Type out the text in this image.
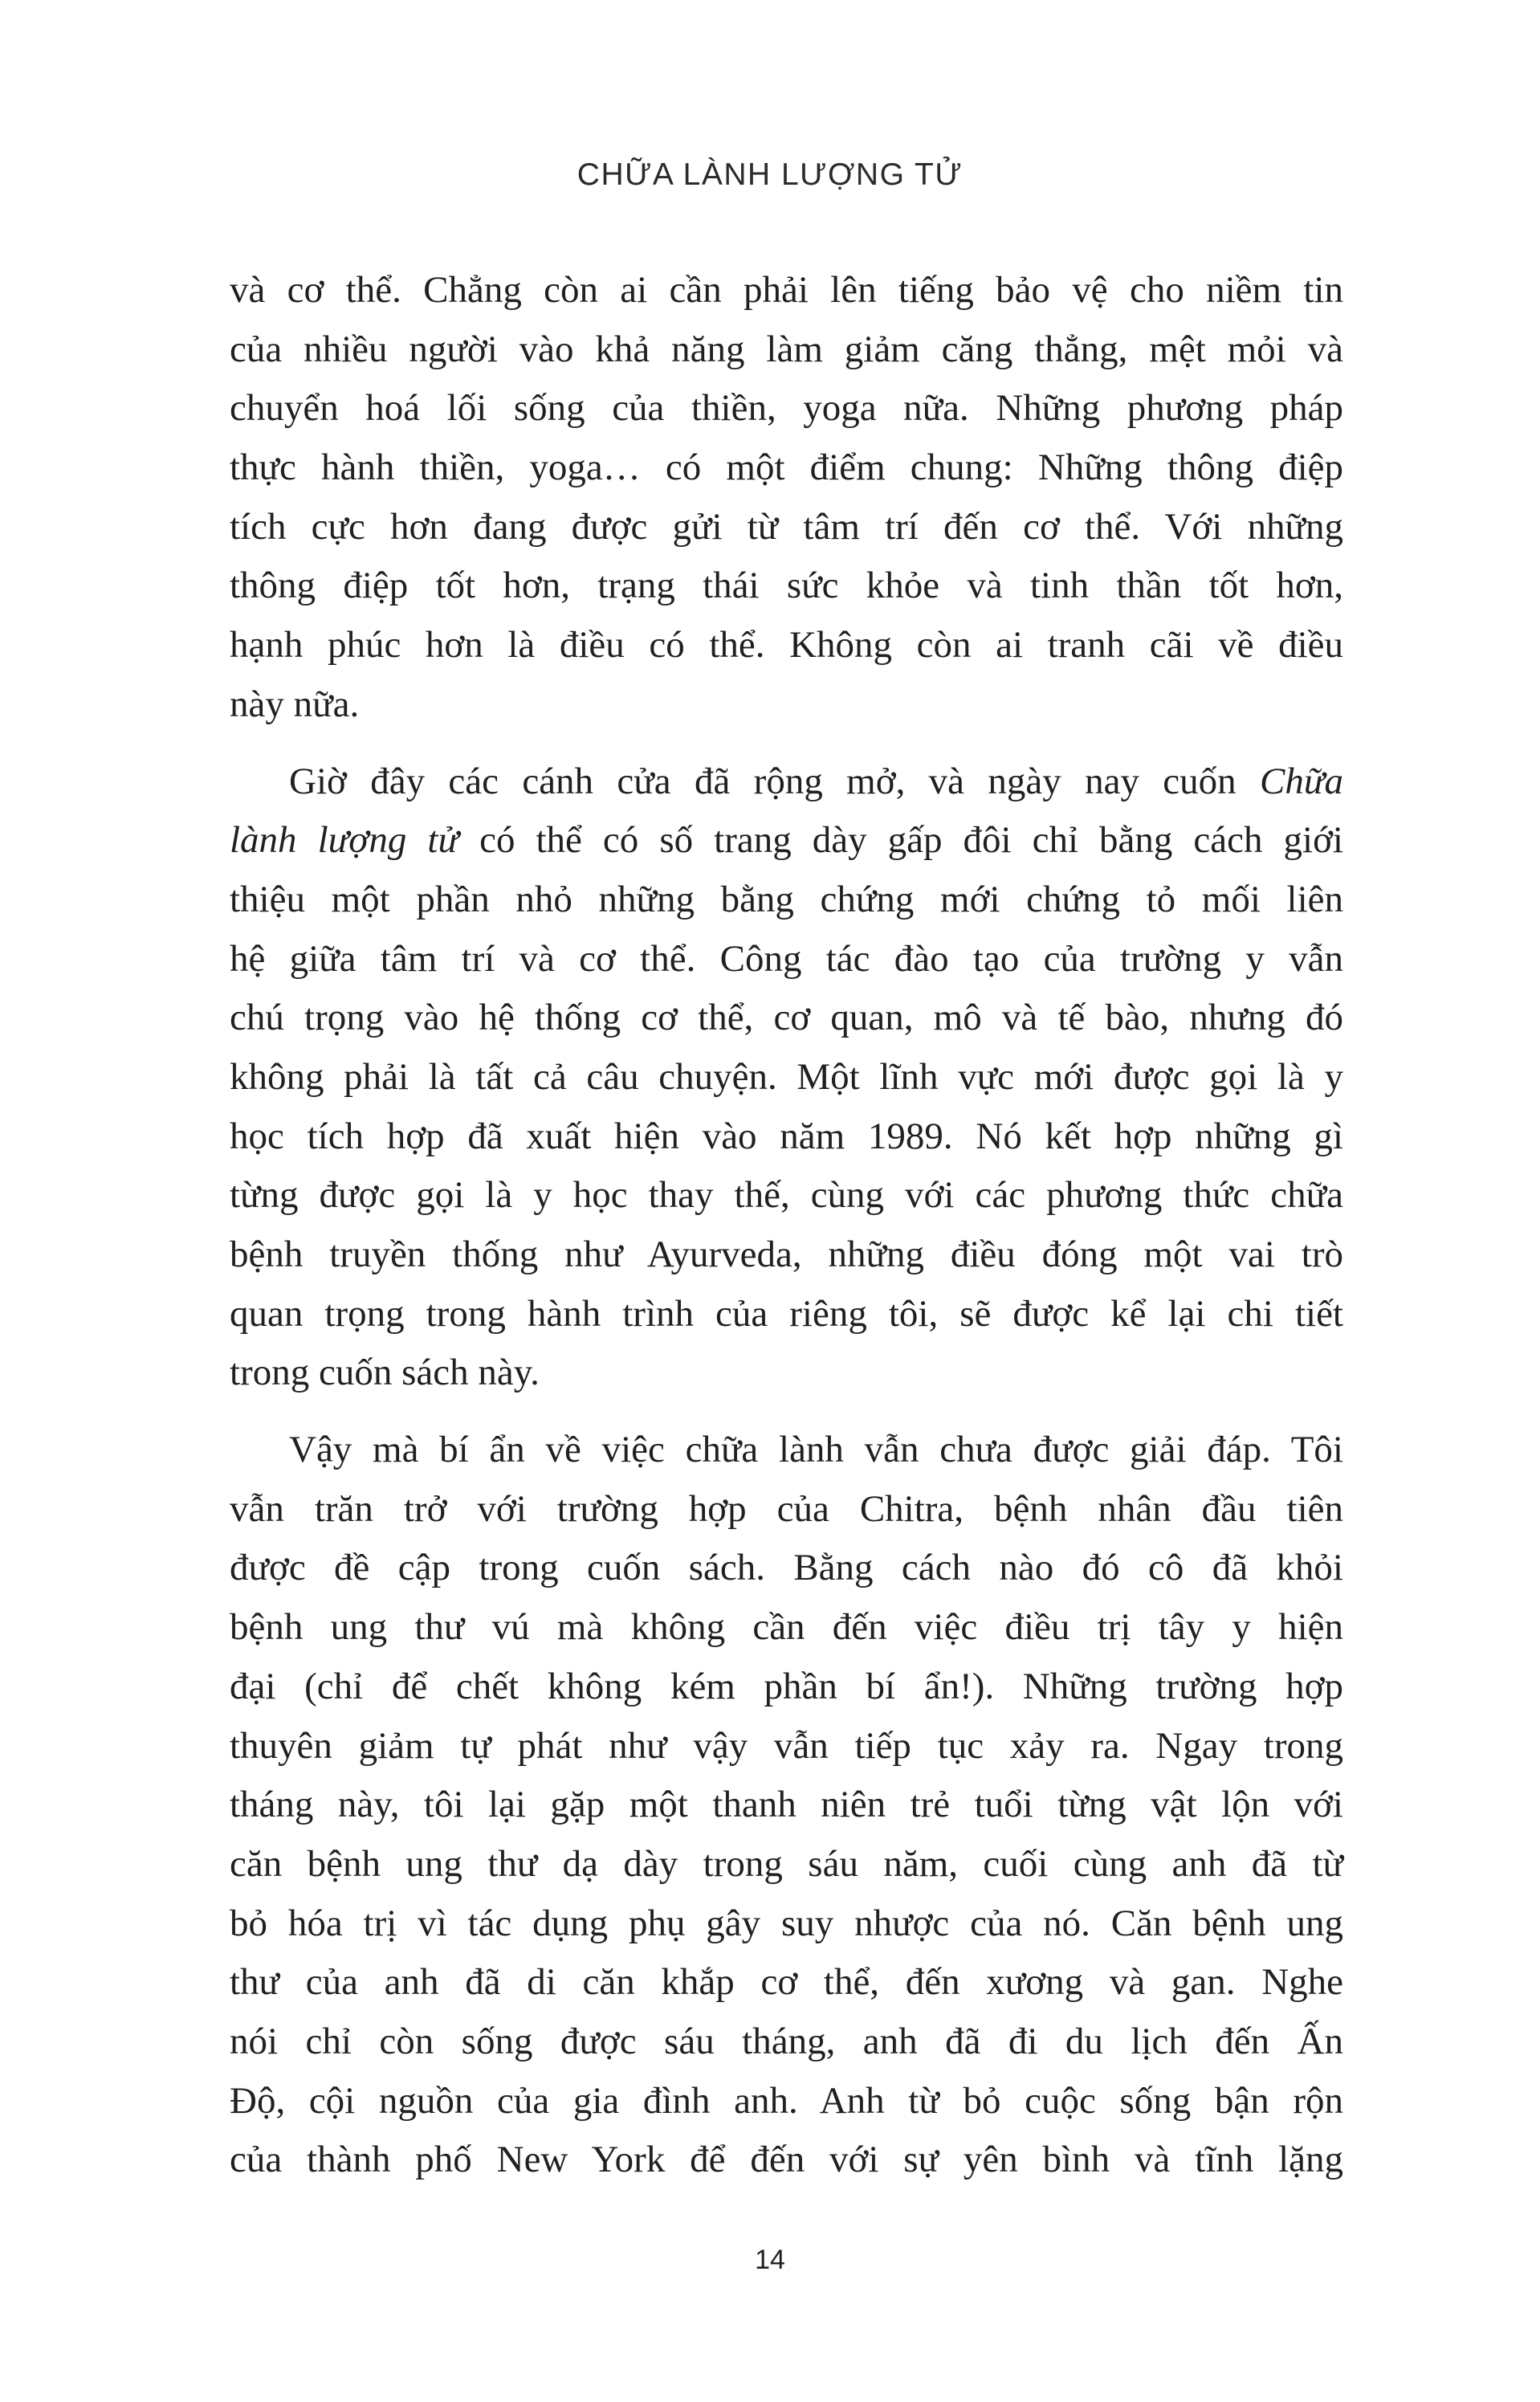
CHỮA LÀNH LƯỢNG TỬ
và cơ thể. Chẳng còn ai cần phải lên tiếng bảo vệ cho niềm tin
của nhiều người vào khả năng làm giảm căng thẳng, mệt mỏi và
chuyển hoá lối sống của thiền, yoga nữa. Những phương pháp
thực hành thiền, yoga… có một điểm chung: Những thông điệp
tích cực hơn đang được gửi từ tâm trí đến cơ thể. Với những
thông điệp tốt hơn, trạng thái sức khỏe và tinh thần tốt hơn,
hạnh phúc hơn là điều có thể. Không còn ai tranh cãi về điều
này nữa.
Giờ đây các cánh cửa đã rộng mở, và ngày nay cuốn Chữa
lành lượng tử có thể có số trang dày gấp đôi chỉ bằng cách giới
thiệu một phần nhỏ những bằng chứng mới chứng tỏ mối liên
hệ giữa tâm trí và cơ thể. Công tác đào tạo của trường y vẫn
chú trọng vào hệ thống cơ thể, cơ quan, mô và tế bào, nhưng đó
không phải là tất cả câu chuyện. Một lĩnh vực mới được gọi là y
học tích hợp đã xuất hiện vào năm 1989. Nó kết hợp những gì
từng được gọi là y học thay thế, cùng với các phương thức chữa
bệnh truyền thống như Ayurveda, những điều đóng một vai trò
quan trọng trong hành trình của riêng tôi, sẽ được kể lại chi tiết
trong cuốn sách này.
Vậy mà bí ẩn về việc chữa lành vẫn chưa được giải đáp. Tôi
vẫn trăn trở với trường hợp của Chitra, bệnh nhân đầu tiên
được đề cập trong cuốn sách. Bằng cách nào đó cô đã khỏi
bệnh ung thư vú mà không cần đến việc điều trị tây y hiện
đại (chỉ để chết không kém phần bí ẩn!). Những trường hợp
thuyên giảm tự phát như vậy vẫn tiếp tục xảy ra. Ngay trong
tháng này, tôi lại gặp một thanh niên trẻ tuổi từng vật lộn với
căn bệnh ung thư dạ dày trong sáu năm, cuối cùng anh đã từ
bỏ hóa trị vì tác dụng phụ gây suy nhược của nó. Căn bệnh ung
thư của anh đã di căn khắp cơ thể, đến xương và gan. Nghe
nói chỉ còn sống được sáu tháng, anh đã đi du lịch đến Ấn
Độ, cội nguồn của gia đình anh. Anh từ bỏ cuộc sống bận rộn
của thành phố New York để đến với sự yên bình và tĩnh lặng
14
